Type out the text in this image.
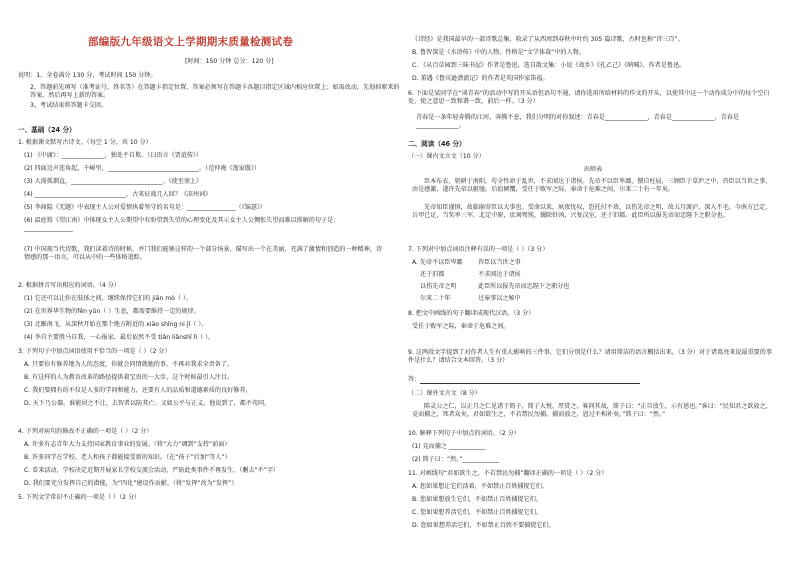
部编版九年级语文上学期期末质量检测试卷
[时间：150 分钟 总分：120 分]
说明：1、全卷满分 130 分，考试时间 150 分钟。
2、答题前先填写（准考证号、姓名等）在答题卡指定位置，答案必须写在答题卡各题目指定区域内相应位置上；如需改动，先划掉原来的答案，然后再写上新的答案。
3、考试结束将答题卡交回。
一、基础（24 分）
1. 根据课文默写古诗文。（每空 1 分，共 10 分）
(1) 《中庸》：______________，独处不自欺。（曰语言《贾谊传》）
(2) 四面边声连角起，千嶂里，______________________________。（范仲淹《渔家傲》）
(3) 大漠孤烟直，______________________________。《使至塞上》
(4) ______________________________，古来征战几人回？《凉州词》
(5) 李商隐《无题》中表现主人公对爱情执着坚守的名句是：________________（《锦瑟》）
(6) 温庭筠《望江南》中体现女主人公期望中有盼望到失望的心理变化及其示女主人公惆怅失望而难以排解的句子是：________________
(7) 中国现当代诗歌，我们读着诗的时候，并门我们能够这样的一个部分场景，描写出一个在美丽，充满了激情和创造的一种精神，诗情感的那一语言，可以从中的一些体格追踪。
2. 根据拼音写出相应的词语。（4 分）
(1) 它还可以让你在肢体之间，继续保持它们的 jiān mò（ ）。
(2) 在世界华生物的fēn yǔn（ ）生息，都需要维持一定的规律。
(3) 北雁南飞，从深秋开始在那个地方附近的 xiāo shǐng ni jǐ（ ）。
(4) 李自主要胜马自我，一心报家，最后依然不受 tiǎn liǎnshǐ lì（ ）。
3. 下列句子中加点词语使用不恰当的一项是（ ）（2 分）
A. 只要你有修养地为人的态度，你就会同情就她的事，不再对我求全责备了。
B. 有这样的人为教育改革的路径提供着宝贵的一大步，这个时候最引人注目。
C. 我们要拥有的不仅是人多的学问和能力，还要有人的品质和道德素质的良好修养，
D. 天下乃公器，谁能居之不让，去智者以防其亡。又如公平与正义，他说到了，都不苟同。
4. 下列对病句的修改不正确的一项是（ ）（2 分）
A. 许多有志青年大力支持国家教育事业的发展。（将“大力”调到“支持”前面）
B. 许多同学在学校、老人和孩子都能接受新的知识。（在“孩子”后加“等人”）
C. 看来活动，学校决定近期开展家长学校交流会活动，严防此类事件不再发生。（删去“不”字）
D. 我们要充分发挥自己的潜能，为“四化”建设作贡献。（将“发挥”改为“发挥”）
5. 下列文学常识不正确的一项是（ ）（2 分）
《诗经》是我国最早的一部诗歌总集，收录了从西周到春秋中叶约 305 篇诗歌，古时也称“诗三百”。
B. 鲁智深是《水浒传》中的人物，性格是“文学体裁”中的人物。
C. 《从百草园到三味书屋》作者是鲁迅，选自散文集：小说《故乡》《孔乙己》《呐喊》，作者是鲁迅。
D. 董遇《鲁宾逊漂流记》的作者是英国作家笛福。
6. 下面是某同学在“谈青春”的活动中写的开头语但语句不通，请你选用所给材料的作文的开头，以使其中这一个动作成分中的每个空白处，使之意思一致和谐一致，前后一样。（3 分）
青春是一条年轻奔腾的江河，奔腾不息，我们分明的对你叙述：青春是______________，青春是______________，青春是______________。
二、阅读（46 分）
（一）课内文言文（10 分）
出师表
臣本布衣，躬耕于南阳，苟全性命于乱世，不求闻达于诸侯。先帝不以臣卑鄙，猥自枉屈，三顾臣于草庐之中，咨臣以当世之事，由是感激，遂许先帝以驱驰。后值倾覆，受任于败军之际，奉命于危难之间，尔来二十有一年矣。
先帝知臣谨慎，故临崩寄臣以大事也。受命以来，夙夜忧叹，恐托付不效，以伤先帝之明，故五月渡泸，深入不毛。今南方已定，兵甲已足，当奖率三军，北定中原，庶竭驽钝，攘除奸凶，兴复汉室，还于旧都。此臣所以报先帝而忠陛下之职分也。
7. 下列对中加点词语注释有误的一项是（ ）（3 分）
A. 先帝不以臣卑鄙	咨臣以当世之事
还于旧都	不求闻达于诸侯
以伤先帝之明	此臣所以报先帝而忠陛下之职分也
尔来二十年	过奉事以之秘中
8. 把文中画线的句子翻译成现代汉语。（3 分）
受任于败军之际，奉命于危难之间。
9. 这两段文字提到了对作者人生有重大影响的三件事，它们分别是什么？请用简洁的语言概括出来。（3 分）对于诸葛亮来说最重要的事件是什么？请结合文本回答。（3 分）
答：
（二）课外文言文（8 分）
陈灵公之仁，以正月之仁见诸于简子，简子大悦，厚赏之。客问其故，简子曰：“正旦放生，示有恩也。”客曰：“民知君之欲放之，竞而捕之，死者众矣。君如欲生之，不若禁民勿捕。捕而放之，恩过不相补矣。”简子曰：“然。”
10. 解释下列句子中加点的词语。（2 分）
(1) 竞而捕之 ____________
(2) 简子曰：“然。”____________
11. 对画线句“君如欲生之，不若禁民勿捕”翻译正确的一项是（ ）（2 分）
A. 您如果想让它们活着，不如禁止百姓捕捉它们。
B. 您如果想放生它们，不如禁止百姓捕捉它们。
C. 您如果想养活它们，不如禁止百姓捕捉它们。
D. 您如果想养活它们，不如禁止百姓不要捕捉它们。
